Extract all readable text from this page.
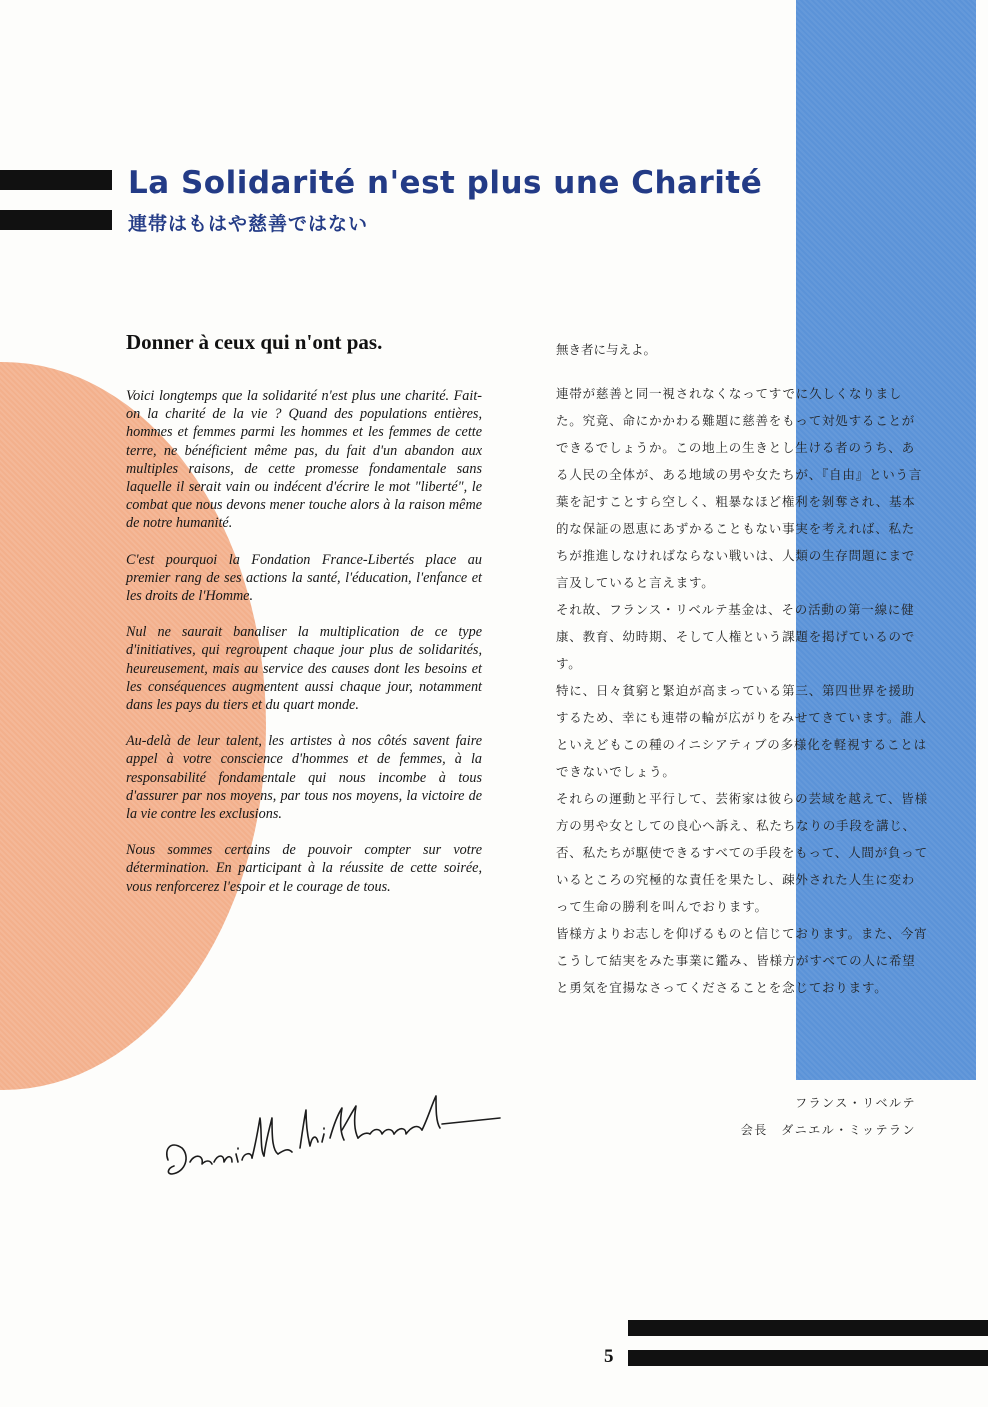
La Solidarité n'est plus une Charité
連帯はもはや慈善ではない
Donner à ceux qui n'ont pas.

Voici longtemps que la solidarité n'est plus une charité. Fait-on la charité de la vie ? Quand des populations entières, hommes et femmes parmi les hommes et les femmes de cette terre, ne bénéficient même pas, du fait d'un abandon aux multiples raisons, de cette promesse fondamentale sans laquelle il serait vain ou indécent d'écrire le mot "liberté", le combat que nous devons mener touche alors à la raison même de notre humanité.

C'est pourquoi la Fondation France-Libertés place au premier rang de ses actions la santé, l'éducation, l'enfance et les droits de l'Homme.

Nul ne saurait banaliser la multiplication de ce type d'initiatives, qui regroupent chaque jour plus de solidarités, heureusement, mais au service des causes dont les besoins et les conséquences augmentent aussi chaque jour, notamment dans les pays du tiers et du quart monde.

Au-delà de leur talent, les artistes à nos côtés savent faire appel à votre conscience d'hommes et de femmes, à la responsabilité fondamentale qui nous incombe à tous d'assurer par nos moyens, par tous nos moyens, la victoire de la vie contre les exclusions.

Nous sommes certains de pouvoir compter sur votre détermination. En participant à la réussite de cette soirée, vous renforcerez l'espoir et le courage de tous.

無き者に与えよ。

連帯が慈善と同一視されなくなってすでに久しくなりました。究竟、命にかかわる難題に慈善をもって対処することができるでしょうか。この地上の生きとし生ける者のうち、ある人民の全体が、ある地域の男や女たちが、『自由』という言葉を記すことすら空しく、粗暴なほど権利を剝奪され、基本的な保証の恩恵にあずかることもない事実を考えれば、私たちが推進しなければならない戦いは、人類の生存問題にまで言及していると言えます。

それ故、フランス・リベルテ基金は、その活動の第一線に健康、教育、幼時期、そして人権という課題を掲げているのです。

特に、日々貧窮と緊迫が高まっている第三、第四世界を援助するため、幸にも連帯の輪が広がりをみせてきています。誰人といえどもこの種のイニシアティブの多様化を軽視することはできないでしょう。

それらの運動と平行して、芸術家は彼らの芸域を越えて、皆様方の男や女としての良心へ訴え、私たちなりの手段を講じ、否、私たちが駆使できるすべての手段をもって、人間が負っているところの究極的な責任を果たし、疎外された人生に変わって生命の勝利を叫んでおります。

皆様方よりお志しを仰げるものと信じております。また、今宵こうして結実をみた事業に鑑み、皆様方がすべての人に希望と勇気を宜揚なさってくださることを念じております。

フランス・リベルテ

会長　ダニエル・ミッテラン

5
